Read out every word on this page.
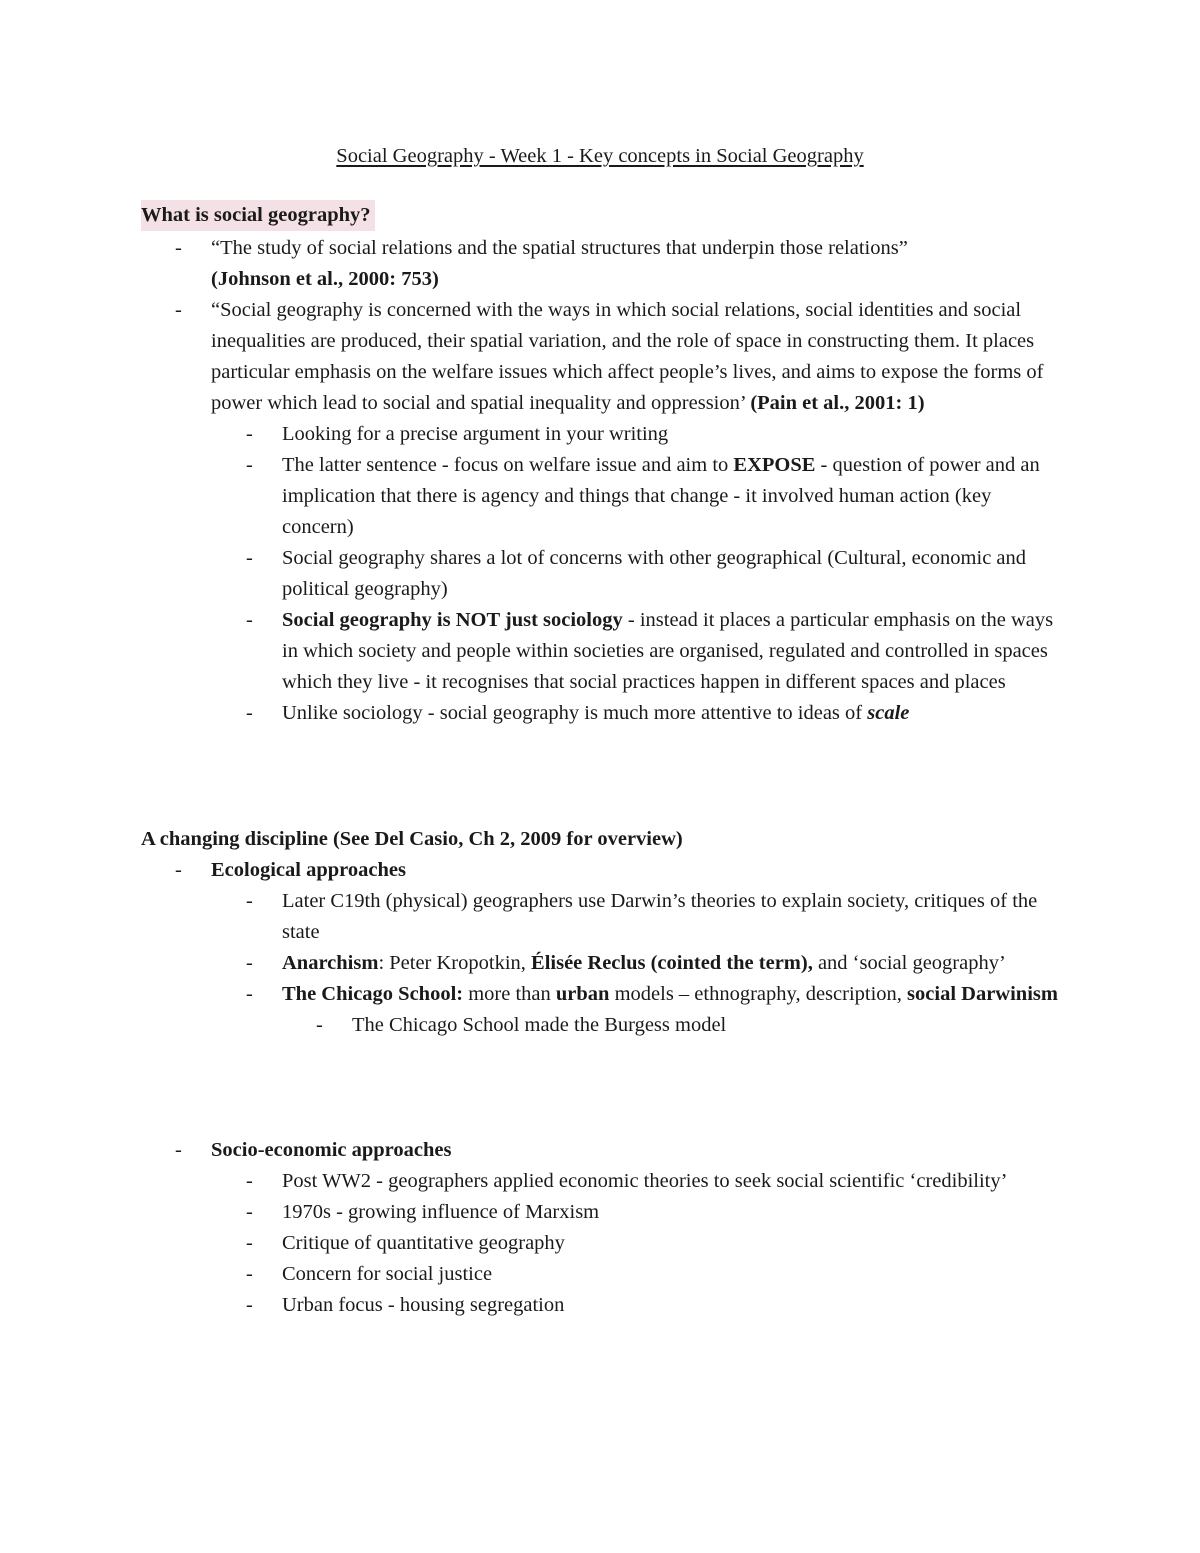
Social Geography - Week 1 - Key concepts in Social Geography
What is social geography?
- “The study of social relations and the spatial structures that underpin those relations”
(Johnson et al., 2000: 753)
- “Social geography is concerned with the ways in which social relations, social identities and social inequalities are produced, their spatial variation, and the role of space in constructing them. It places particular emphasis on the welfare issues which affect people’s lives, and aims to expose the forms of power which lead to social and spatial inequality and oppression’ (Pain et al., 2001: 1)
- Looking for a precise argument in your writing
- The latter sentence - focus on welfare issue and aim to EXPOSE - question of power and an implication that there is agency and things that change - it involved human action (key concern)
- Social geography shares a lot of concerns with other geographical (Cultural, economic and political geography)
- Social geography is NOT just sociology - instead it places a particular emphasis on the ways in which society and people within societies are organised, regulated and controlled in spaces which they live - it recognises that social practices happen in different spaces and places
- Unlike sociology - social geography is much more attentive to ideas of scale
A changing discipline (See Del Casio, Ch 2, 2009 for overview)
- Ecological approaches
- Later C19th (physical) geographers use Darwin’s theories to explain society, critiques of the state
- Anarchism: Peter Kropotkin, Élisée Reclus (cointed the term), and ‘social geography’
- The Chicago School: more than urban models – ethnography, description, social Darwinism
- The Chicago School made the Burgess model
- Socio-economic approaches
- Post WW2 - geographers applied economic theories to seek social scientific ‘credibility’
- 1970s - growing influence of Marxism
- Critique of quantitative geography
- Concern for social justice
- Urban focus - housing segregation
